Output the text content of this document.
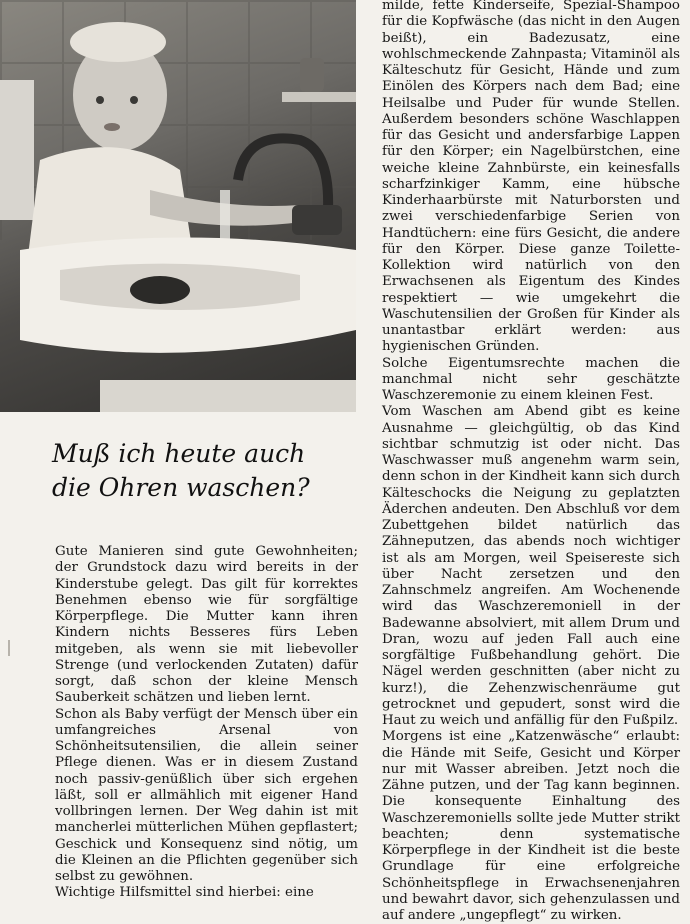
Muß ich heute auch
die Ohren waschen?

Gute Manieren sind gute Gewohnheiten; der Grundstock dazu wird bereits in der Kinderstube gelegt. Das gilt für korrektes Benehmen ebenso wie für sorgfältige Körperpflege. Die Mutter kann ihren Kindern nichts Besseres fürs Leben mitgeben, als wenn sie mit liebevoller Strenge (und verlockenden Zutaten) dafür sorgt, daß schon der kleine Mensch Sauberkeit schätzen und lieben lernt.

Schon als Baby verfügt der Mensch über ein umfangreiches Arsenal von Schönheitsutensilien, die allein seiner Pflege dienen. Was er in diesem Zustand noch passiv-genüßlich über sich ergehen läßt, soll er allmählich mit eigener Hand vollbringen lernen. Der Weg dahin ist mit mancherlei mütterlichen Mühen gepflastert; Geschick und Konsequenz sind nötig, um die Kleinen an die Pflichten gegenüber sich selbst zu gewöhnen.

Wichtige Hilfsmittel sind hierbei: eine

milde, fette Kinderseife, Spezial-Shampoo für die Kopfwäsche (das nicht in den Augen beißt), ein Badezusatz, eine wohlschmeckende Zahnpasta; Vitaminöl als Kälteschutz für Gesicht, Hände und zum Einölen des Körpers nach dem Bad; eine Heilsalbe und Puder für wunde Stellen. Außerdem besonders schöne Waschlappen für das Gesicht und andersfarbige Lappen für den Körper; ein Nagelbürstchen, eine weiche kleine Zahnbürste, ein keinesfalls scharfzinkiger Kamm, eine hübsche Kinderhaarbürste mit Naturborsten und zwei verschiedenfarbige Serien von Handtüchern: eine fürs Gesicht, die andere für den Körper. Diese ganze Toilette-Kollektion wird natürlich von den Erwachsenen als Eigentum des Kindes respektiert — wie umgekehrt die Waschutensilien der Großen für Kinder als unantastbar erklärt werden: aus hygienischen Gründen.

Solche Eigentumsrechte machen die manchmal nicht sehr geschätzte Waschzeremonie zu einem kleinen Fest.

Vom Waschen am Abend gibt es keine Ausnahme — gleichgültig, ob das Kind sichtbar schmutzig ist oder nicht. Das Waschwasser muß angenehm warm sein, denn schon in der Kindheit kann sich durch Kälteschocks die Neigung zu geplatzten Äderchen andeuten. Den Abschluß vor dem Zubettgehen bildet natürlich das Zähneputzen, das abends noch wichtiger ist als am Morgen, weil Speisereste sich über Nacht zersetzen und den Zahnschmelz angreifen. Am Wochenende wird das Waschzeremoniell in der Badewanne absolviert, mit allem Drum und Dran, wozu auf jeden Fall auch eine sorgfältige Fußbehandlung gehört. Die Nägel werden geschnitten (aber nicht zu kurz!), die Zehenzwischenräume gut getrocknet und gepudert, sonst wird die Haut zu weich und anfällig für den Fußpilz.

Morgens ist eine „Katzenwäsche“ erlaubt: die Hände mit Seife, Gesicht und Körper nur mit Wasser abreiben. Jetzt noch die Zähne putzen, und der Tag kann beginnen. Die konsequente Einhaltung des Waschzeremoniells sollte jede Mutter strikt beachten; denn systematische Körperpflege in der Kindheit ist die beste Grundlage für eine erfolgreiche Schönheitspflege in Erwachsenenjahren und bewahrt davor, sich gehenzulassen und auf andere „ungepflegt“ zu wirken.
